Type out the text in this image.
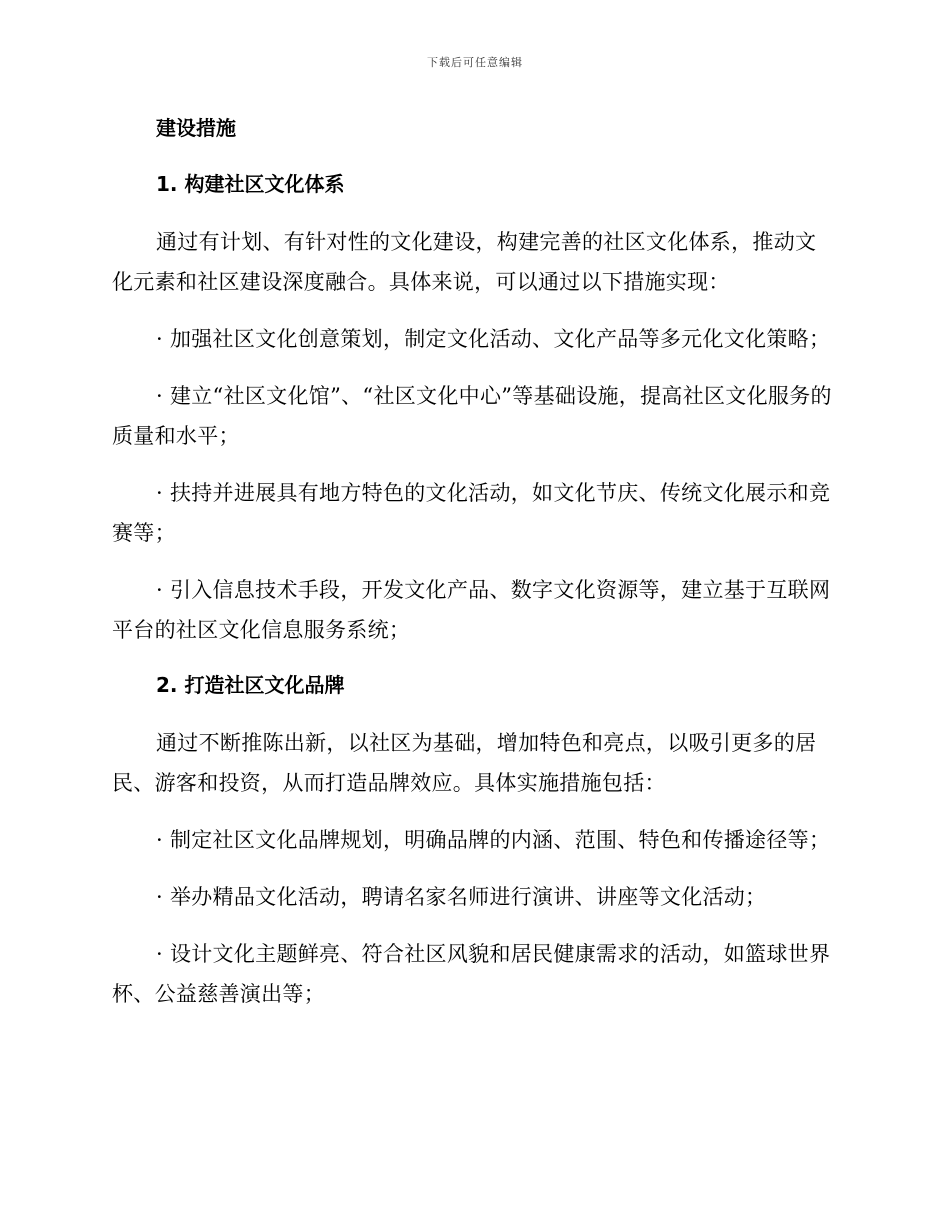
下载后可任意编辑
建设措施
1. 构建社区文化体系
通过有计划、有针对性的文化建设，构建完善的社区文化体系，推动文化元素和社区建设深度融合。具体来说，可以通过以下措施实现：
· 加强社区文化创意策划，制定文化活动、文化产品等多元化文化策略；
· 建立“社区文化馆”、“社区文化中心”等基础设施，提高社区文化服务的质量和水平；
· 扶持并进展具有地方特色的文化活动，如文化节庆、传统文化展示和竞赛等；
· 引入信息技术手段，开发文化产品、数字文化资源等，建立基于互联网平台的社区文化信息服务系统；
2. 打造社区文化品牌
通过不断推陈出新，以社区为基础，增加特色和亮点，以吸引更多的居民、游客和投资，从而打造品牌效应。具体实施措施包括：
· 制定社区文化品牌规划，明确品牌的内涵、范围、特色和传播途径等；
· 举办精品文化活动，聘请名家名师进行演讲、讲座等文化活动；
· 设计文化主题鲜亮、符合社区风貌和居民健康需求的活动，如篮球世界杯、公益慈善演出等；
